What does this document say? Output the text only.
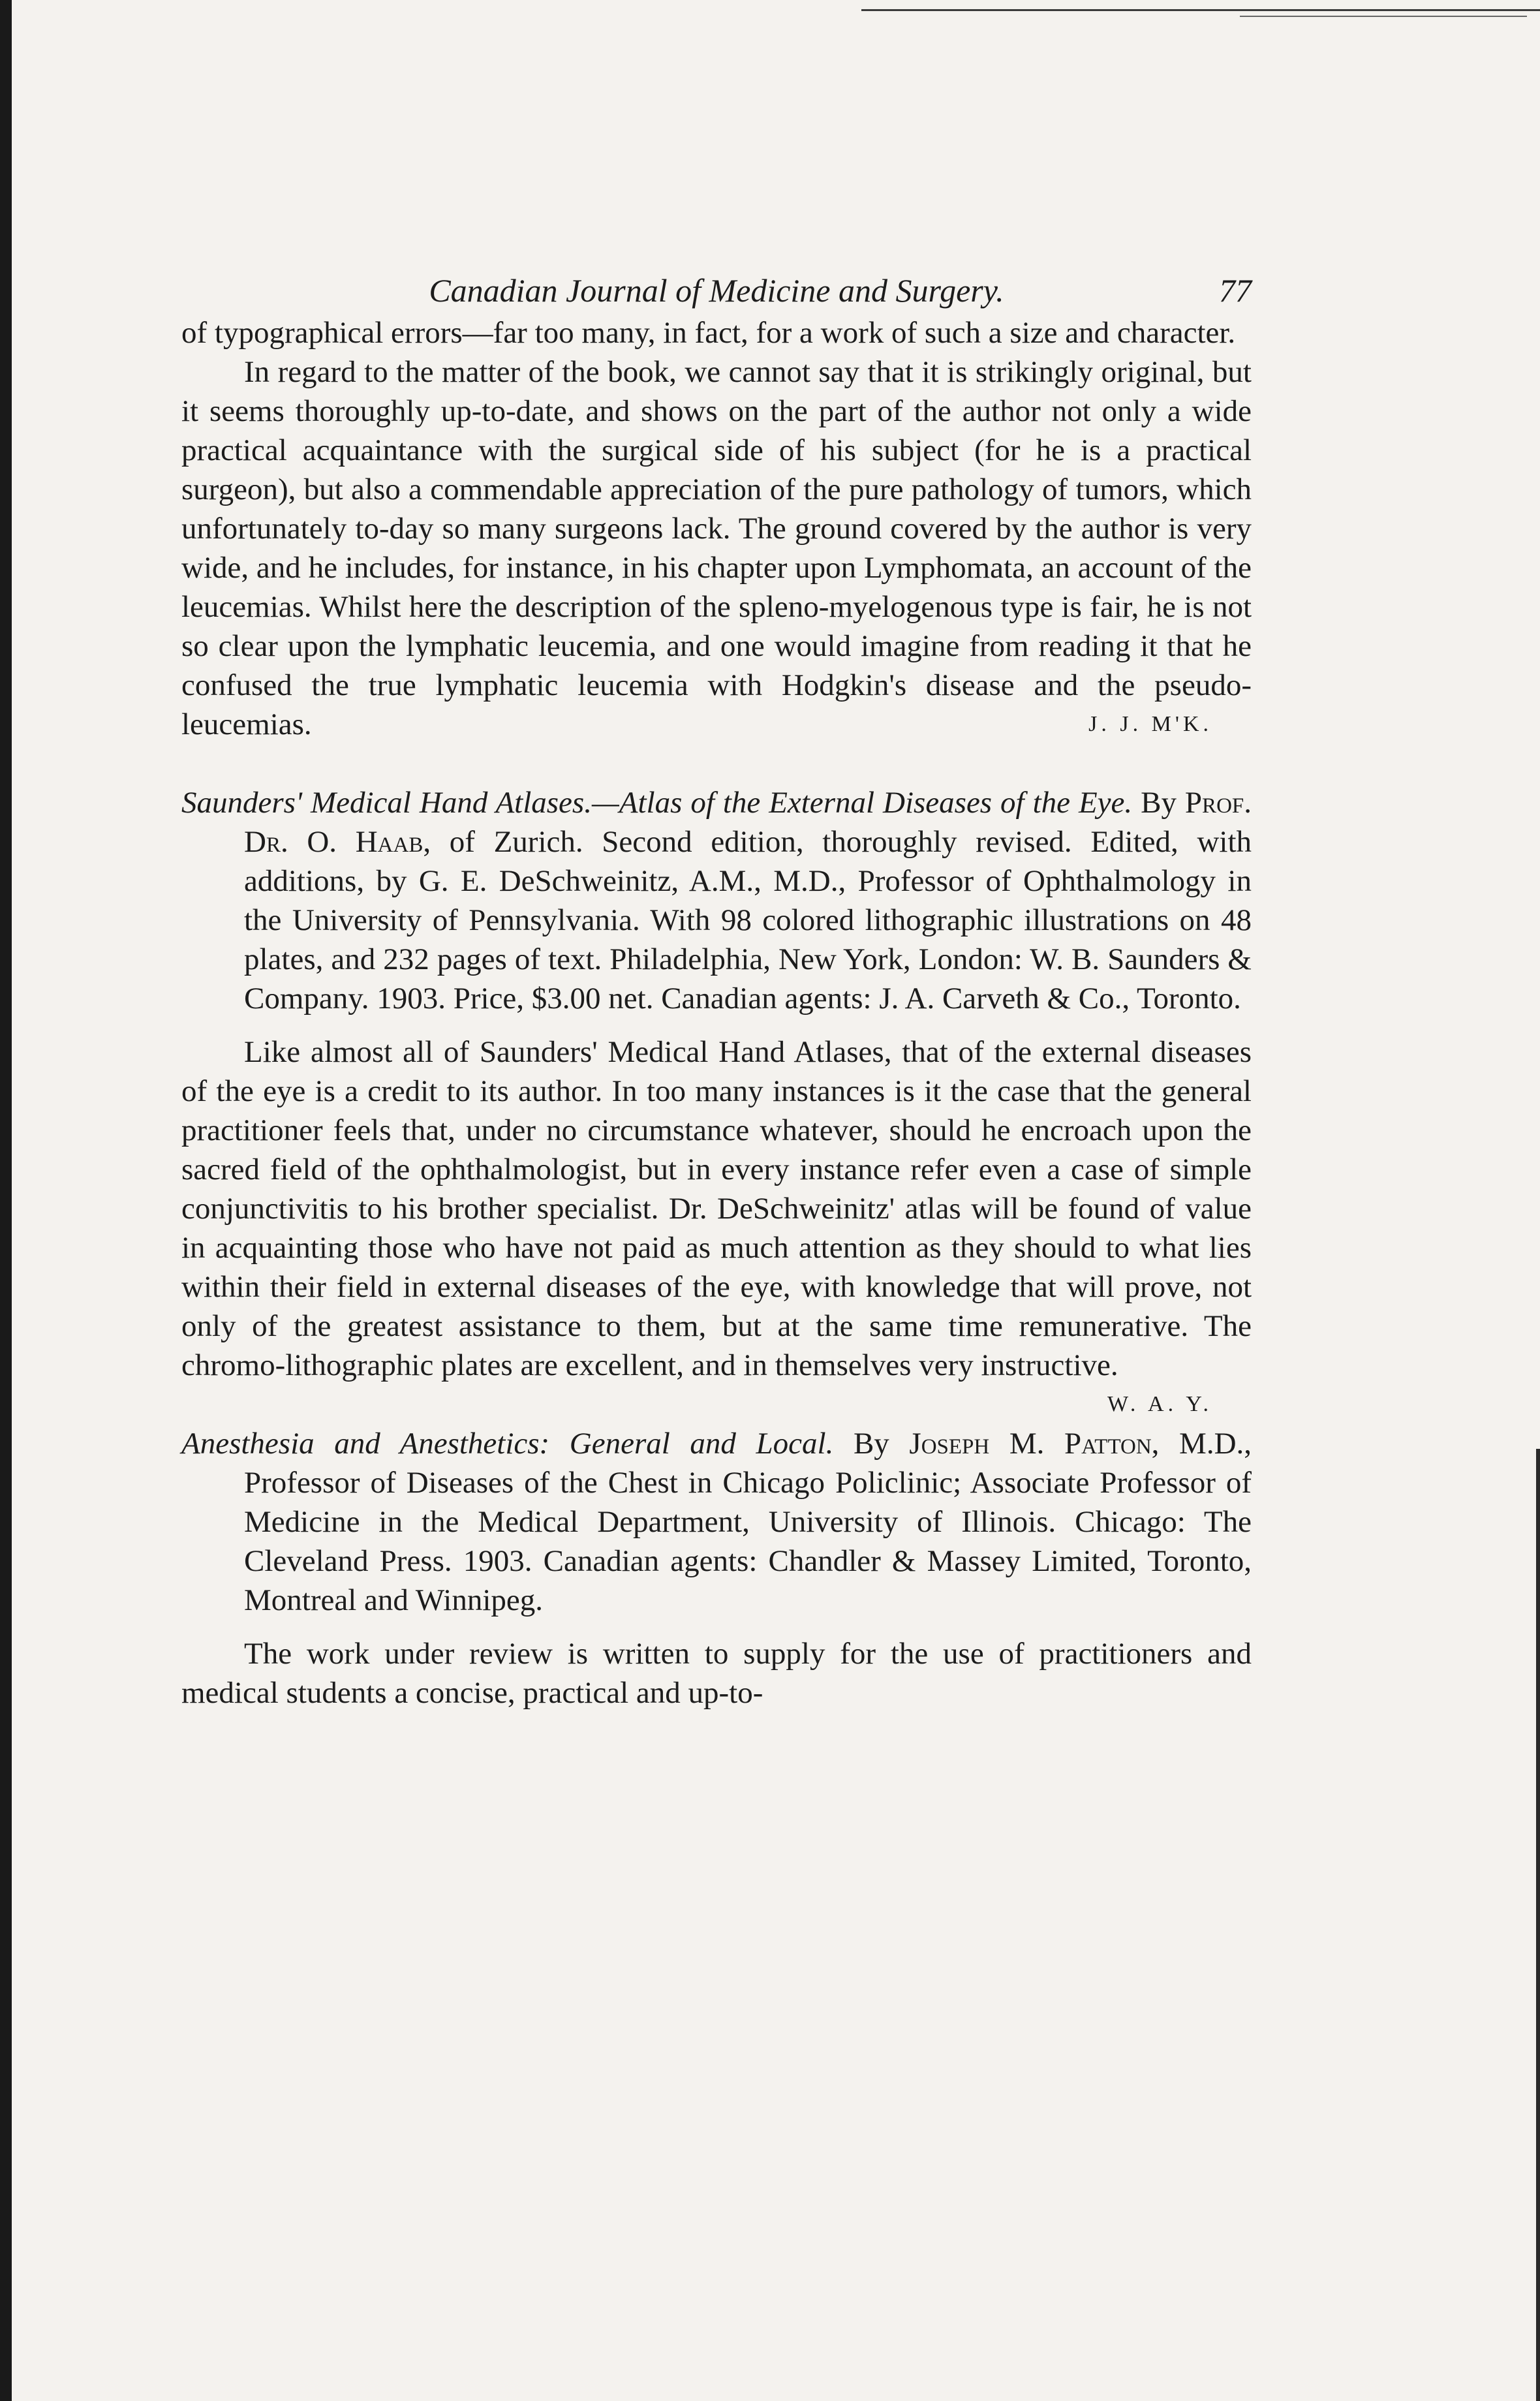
Canadian Journal of Medicine and Surgery.	77

of typographical errors—far too many, in fact, for a work of such a size and character.

In regard to the matter of the book, we cannot say that it is strikingly original, but it seems thoroughly up-to-date, and shows on the part of the author not only a wide practical acquaintance with the surgical side of his subject (for he is a practical surgeon), but also a commendable appreciation of the pure pathology of tumors, which unfortunately to-day so many surgeons lack. The ground covered by the author is very wide, and he includes, for instance, in his chapter upon Lymphomata, an account of the leucemias. Whilst here the description of the spleno-myelogenous type is fair, he is not so clear upon the lymphatic leucemia, and one would imagine from reading it that he confused the true lymphatic leucemia with Hodgkin's disease and the pseudo-leucemias.	J. J. M'K.
Saunders' Medical Hand Atlases.—Atlas of the External Diseases of the Eye. By Prof. Dr. O. Haab, of Zurich. Second edition, thoroughly revised. Edited, with additions, by G. E. DeSchweinitz, A.M., M.D., Professor of Ophthalmology in the University of Pennsylvania. With 98 colored lithographic illustrations on 48 plates, and 232 pages of text. Philadelphia, New York, London: W. B. Saunders & Company. 1903. Price, $3.00 net. Canadian agents: J. A. Carveth & Co., Toronto.

Like almost all of Saunders' Medical Hand Atlases, that of the external diseases of the eye is a credit to its author. In too many instances is it the case that the general practitioner feels that, under no circumstance whatever, should he encroach upon the sacred field of the ophthalmologist, but in every instance refer even a case of simple conjunctivitis to his brother specialist. Dr. DeSchweinitz' atlas will be found of value in acquainting those who have not paid as much attention as they should to what lies within their field in external diseases of the eye, with knowledge that will prove, not only of the greatest assistance to them, but at the same time remunerative. The chromo-lithographic plates are excellent, and in themselves very instructive.

W. A. Y.
Anesthesia and Anesthetics: General and Local. By Joseph M. Patton, M.D., Professor of Diseases of the Chest in Chicago Policlinic; Associate Professor of Medicine in the Medical Department, University of Illinois. Chicago: The Cleveland Press. 1903. Canadian agents: Chandler & Massey Limited, Toronto, Montreal and Winnipeg.

The work under review is written to supply for the use of practitioners and medical students a concise, practical and up-to-
